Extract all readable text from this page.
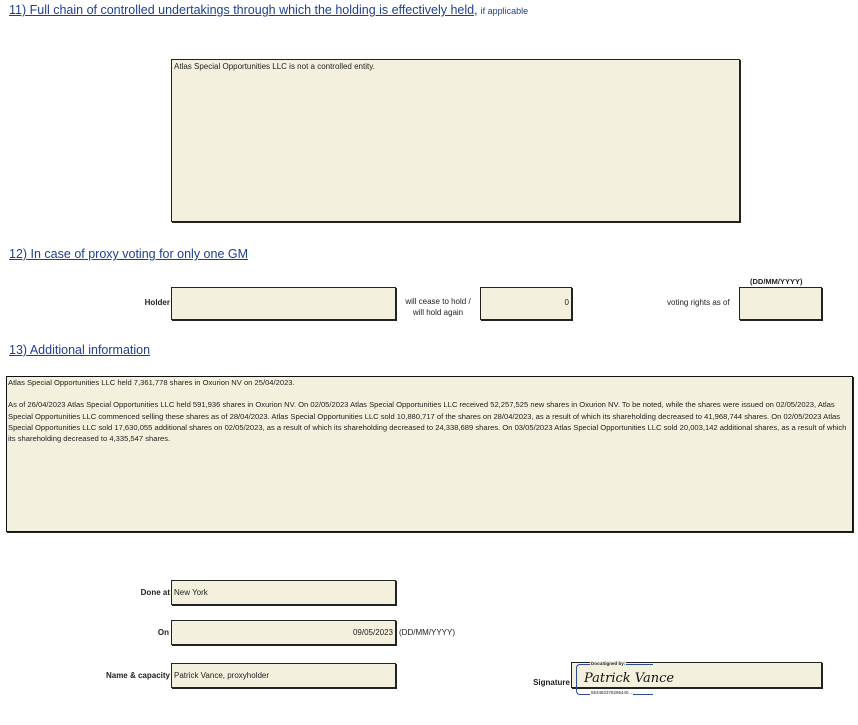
11) Full chain of controlled undertakings through which the holding is effectively held, if applicable
Atlas Special Opportunities LLC is not a controlled entity.
12) In case of proxy voting for only one GM
Holder	will cease to hold /
will hold again
0
(DD/MM/YYYY)
voting rights as of
13) Additional information
Atlas Special Opportunities LLC held 7,361,778 shares in Oxurion NV on 25/04/2023.
As of 26/04/2023 Atlas Special Opportunities LLC held 591,936 shares in Oxurion NV. On 02/05/2023 Atlas Special Opportunities LLC received 52,257,525 new shares in Oxurion NV. To be noted, while the shares were issued on 02/05/2023, Atlas Special Opportunities LLC commenced selling these shares as of 28/04/2023. Atlas Special Opportunities LLC sold 10,880,717 of the shares on 28/04/2023, as a result of which its shareholding decreased to 41,968,744 shares. On 02/05/2023 Atlas Special Opportunities LLC sold 17,630,055 additional shares on 02/05/2023, as a result of which its shareholding decreased to 24,338,689 shares. On 03/05/2023 Atlas Special Opportunities LLC sold 20,003,142 additional shares, as a result of which its shareholding decreased to 4,335,547 shares.
Done at New York
On	09/05/2023 (DD/MM/YYYY)
Name & capacity Patrick Vance, proxyholder
Signature
DocuSigned by:
Patrick Vance
553482378295440...
